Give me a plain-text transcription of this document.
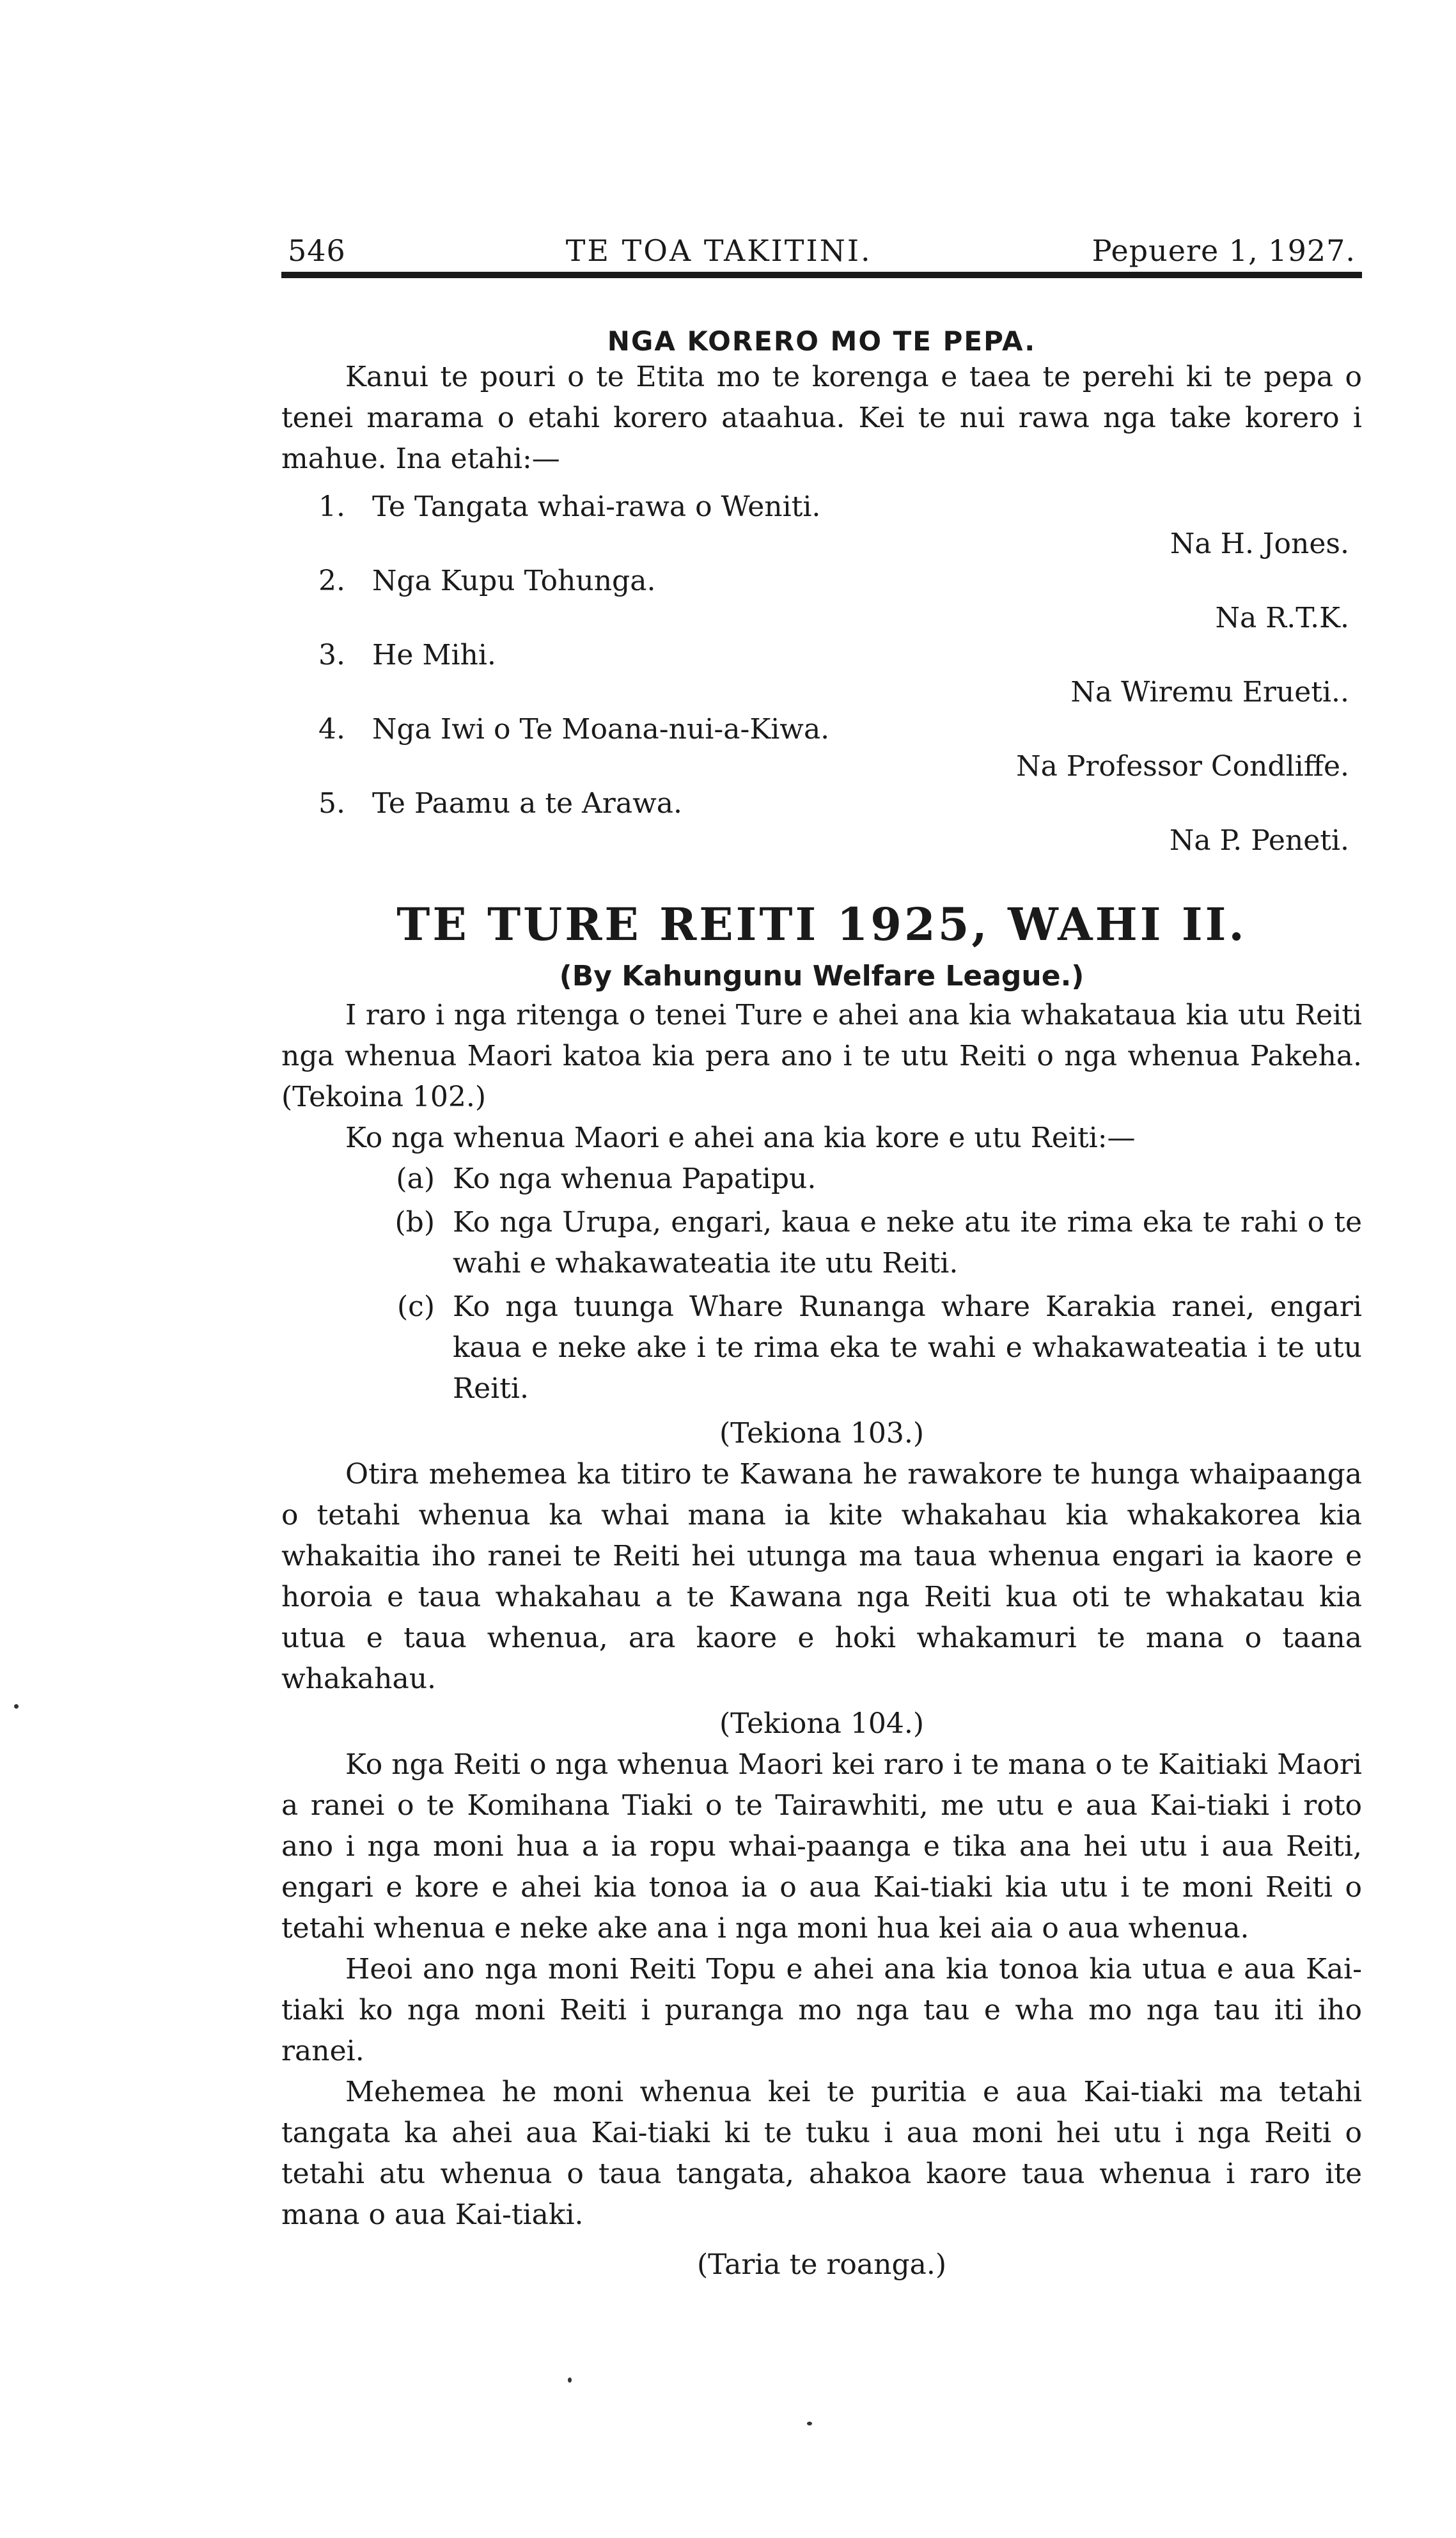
546	TE TOA TAKITINI.	Pepuere 1, 1927.
NGA KORERO MO TE PEPA.

Kanui te pouri o te Etita mo te korenga e taea te perehi ki te pepa o tenei marama o etahi korero ataahua. Kei te nui rawa nga take korero i mahue. Ina etahi:—

1. Te Tangata whai-rawa o Weniti.
Na H. Jones.
2. Nga Kupu Tohunga.
Na R.T.K.
3. He Mihi.
Na Wiremu Erueti..
4. Nga Iwi o Te Moana-nui-a-Kiwa.
Na Professor Condliffe.
5. Te Paamu a te Arawa.
Na P. Peneti.
TE TURE REITI 1925, WAHI II.
(By Kahungunu Welfare League.)

I raro i nga ritenga o tenei Ture e ahei ana kia whakataua kia utu Reiti nga whenua Maori katoa kia pera ano i te utu Reiti o nga whenua Pakeha. (Tekoina 102.)

Ko nga whenua Maori e ahei ana kia kore e utu Reiti:—

(a) Ko nga whenua Papatipu.
(b) Ko nga Urupa, engari, kaua e neke atu ite rima eka te rahi o te wahi e whakawateatia ite utu Reiti.
(c) Ko nga tuunga Whare Runanga whare Karakia ranei, engari kaua e neke ake i te rima eka te wahi e whakawateatia i te utu Reiti.
(Tekiona 103.)

Otira mehemea ka titiro te Kawana he rawakore te hunga whaipaanga o tetahi whenua ka whai mana ia kite whakahau kia whakakorea kia whakaitia iho ranei te Reiti hei utunga ma taua whenua engari ia kaore e horoia e taua whakahau a te Kawana nga Reiti kua oti te whakatau kia utua e taua whenua, ara kaore e hoki whakamuri te mana o taana whakahau.

(Tekiona 104.)

Ko nga Reiti o nga whenua Maori kei raro i te mana o te Kaitiaki Maori a ranei o te Komihana Tiaki o te Tairawhiti, me utu e aua Kai-tiaki i roto ano i nga moni hua a ia ropu whai-paanga e tika ana hei utu i aua Reiti, engari e kore e ahei kia tonoa ia o aua Kai-tiaki kia utu i te moni Reiti o tetahi whenua e neke ake ana i nga moni hua kei aia o aua whenua.

Heoi ano nga moni Reiti Topu e ahei ana kia tonoa kia utua e aua Kai-tiaki ko nga moni Reiti i puranga mo nga tau e wha mo nga tau iti iho ranei.

Mehemea he moni whenua kei te puritia e aua Kai-tiaki ma tetahi tangata ka ahei aua Kai-tiaki ki te tuku i aua moni hei utu i nga Reiti o tetahi atu whenua o taua tangata, ahakoa kaore taua whenua i raro ite mana o aua Kai-tiaki.

(Taria te roanga.)
